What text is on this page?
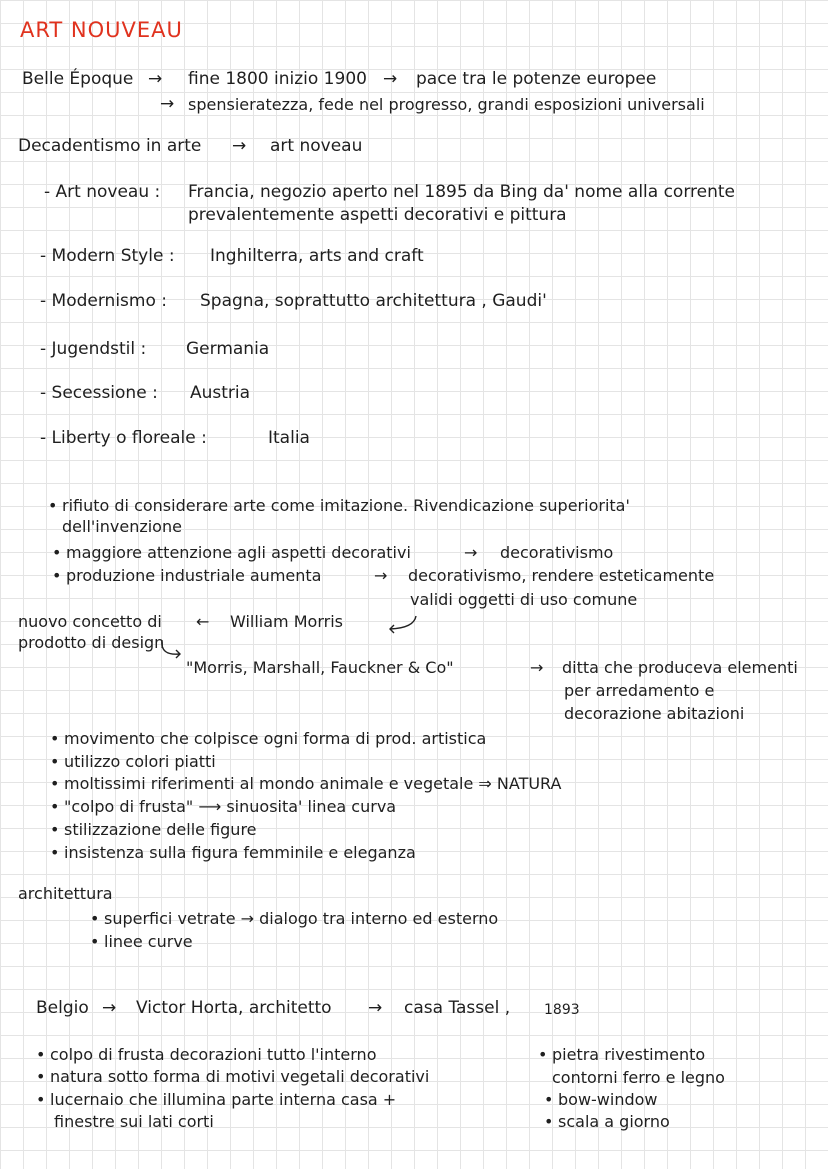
ART NOUVEAU
Belle Époque → fine 1800 inizio 1900 → pace tra le potenze europee
→ spensieratezza, fede nel progresso, grandi esposizioni universali
Decadentismo in arte → art noveau
- Art noveau : Francia, negozio aperto nel 1895 da Bing da' nome alla corrente
prevalentemente aspetti decorativi e pittura
- Modern Style : Inghilterra, arts and craft
- Modernismo : Spagna, soprattutto architettura , Gaudi'
- Jugendstil : Germania
- Secessione : Austria
- Liberty o floreale :	Italia
• rifiuto di considerare arte come imitazione. Rivendicazione superiorita'
dell'invenzione
• maggiore attenzione agli aspetti decorativi	→ decorativismo
• produzione industriale aumenta	→ decorativismo, rendere esteticamente
validi oggetti di uso comune
nuovo concetto di
prodotto di design
← William Morris
"Morris, Marshall, Fauckner & Co"	→ ditta che produceva elementi
per arredamento e
decorazione abitazioni
• movimento che colpisce ogni forma di prod. artistica
• utilizzo colori piatti
• moltissimi riferimenti al mondo animale e vegetale ⇒ NATURA
• "colpo di frusta" ⟶ sinuosita' linea curva
• stilizzazione delle figure
• insistenza sulla figura femminile e eleganza
architettura
• superfici vetrate → dialogo tra interno ed esterno
• linee curve
Belgio → Victor Horta, architetto → casa Tassel , 1893
• colpo di frusta decorazioni tutto l'interno
• natura sotto forma di motivi vegetali decorativi
• lucernaio che illumina parte interna casa +
finestre sui lati corti
• pietra rivestimento
contorni ferro e legno
• bow-window
• scala a giorno
